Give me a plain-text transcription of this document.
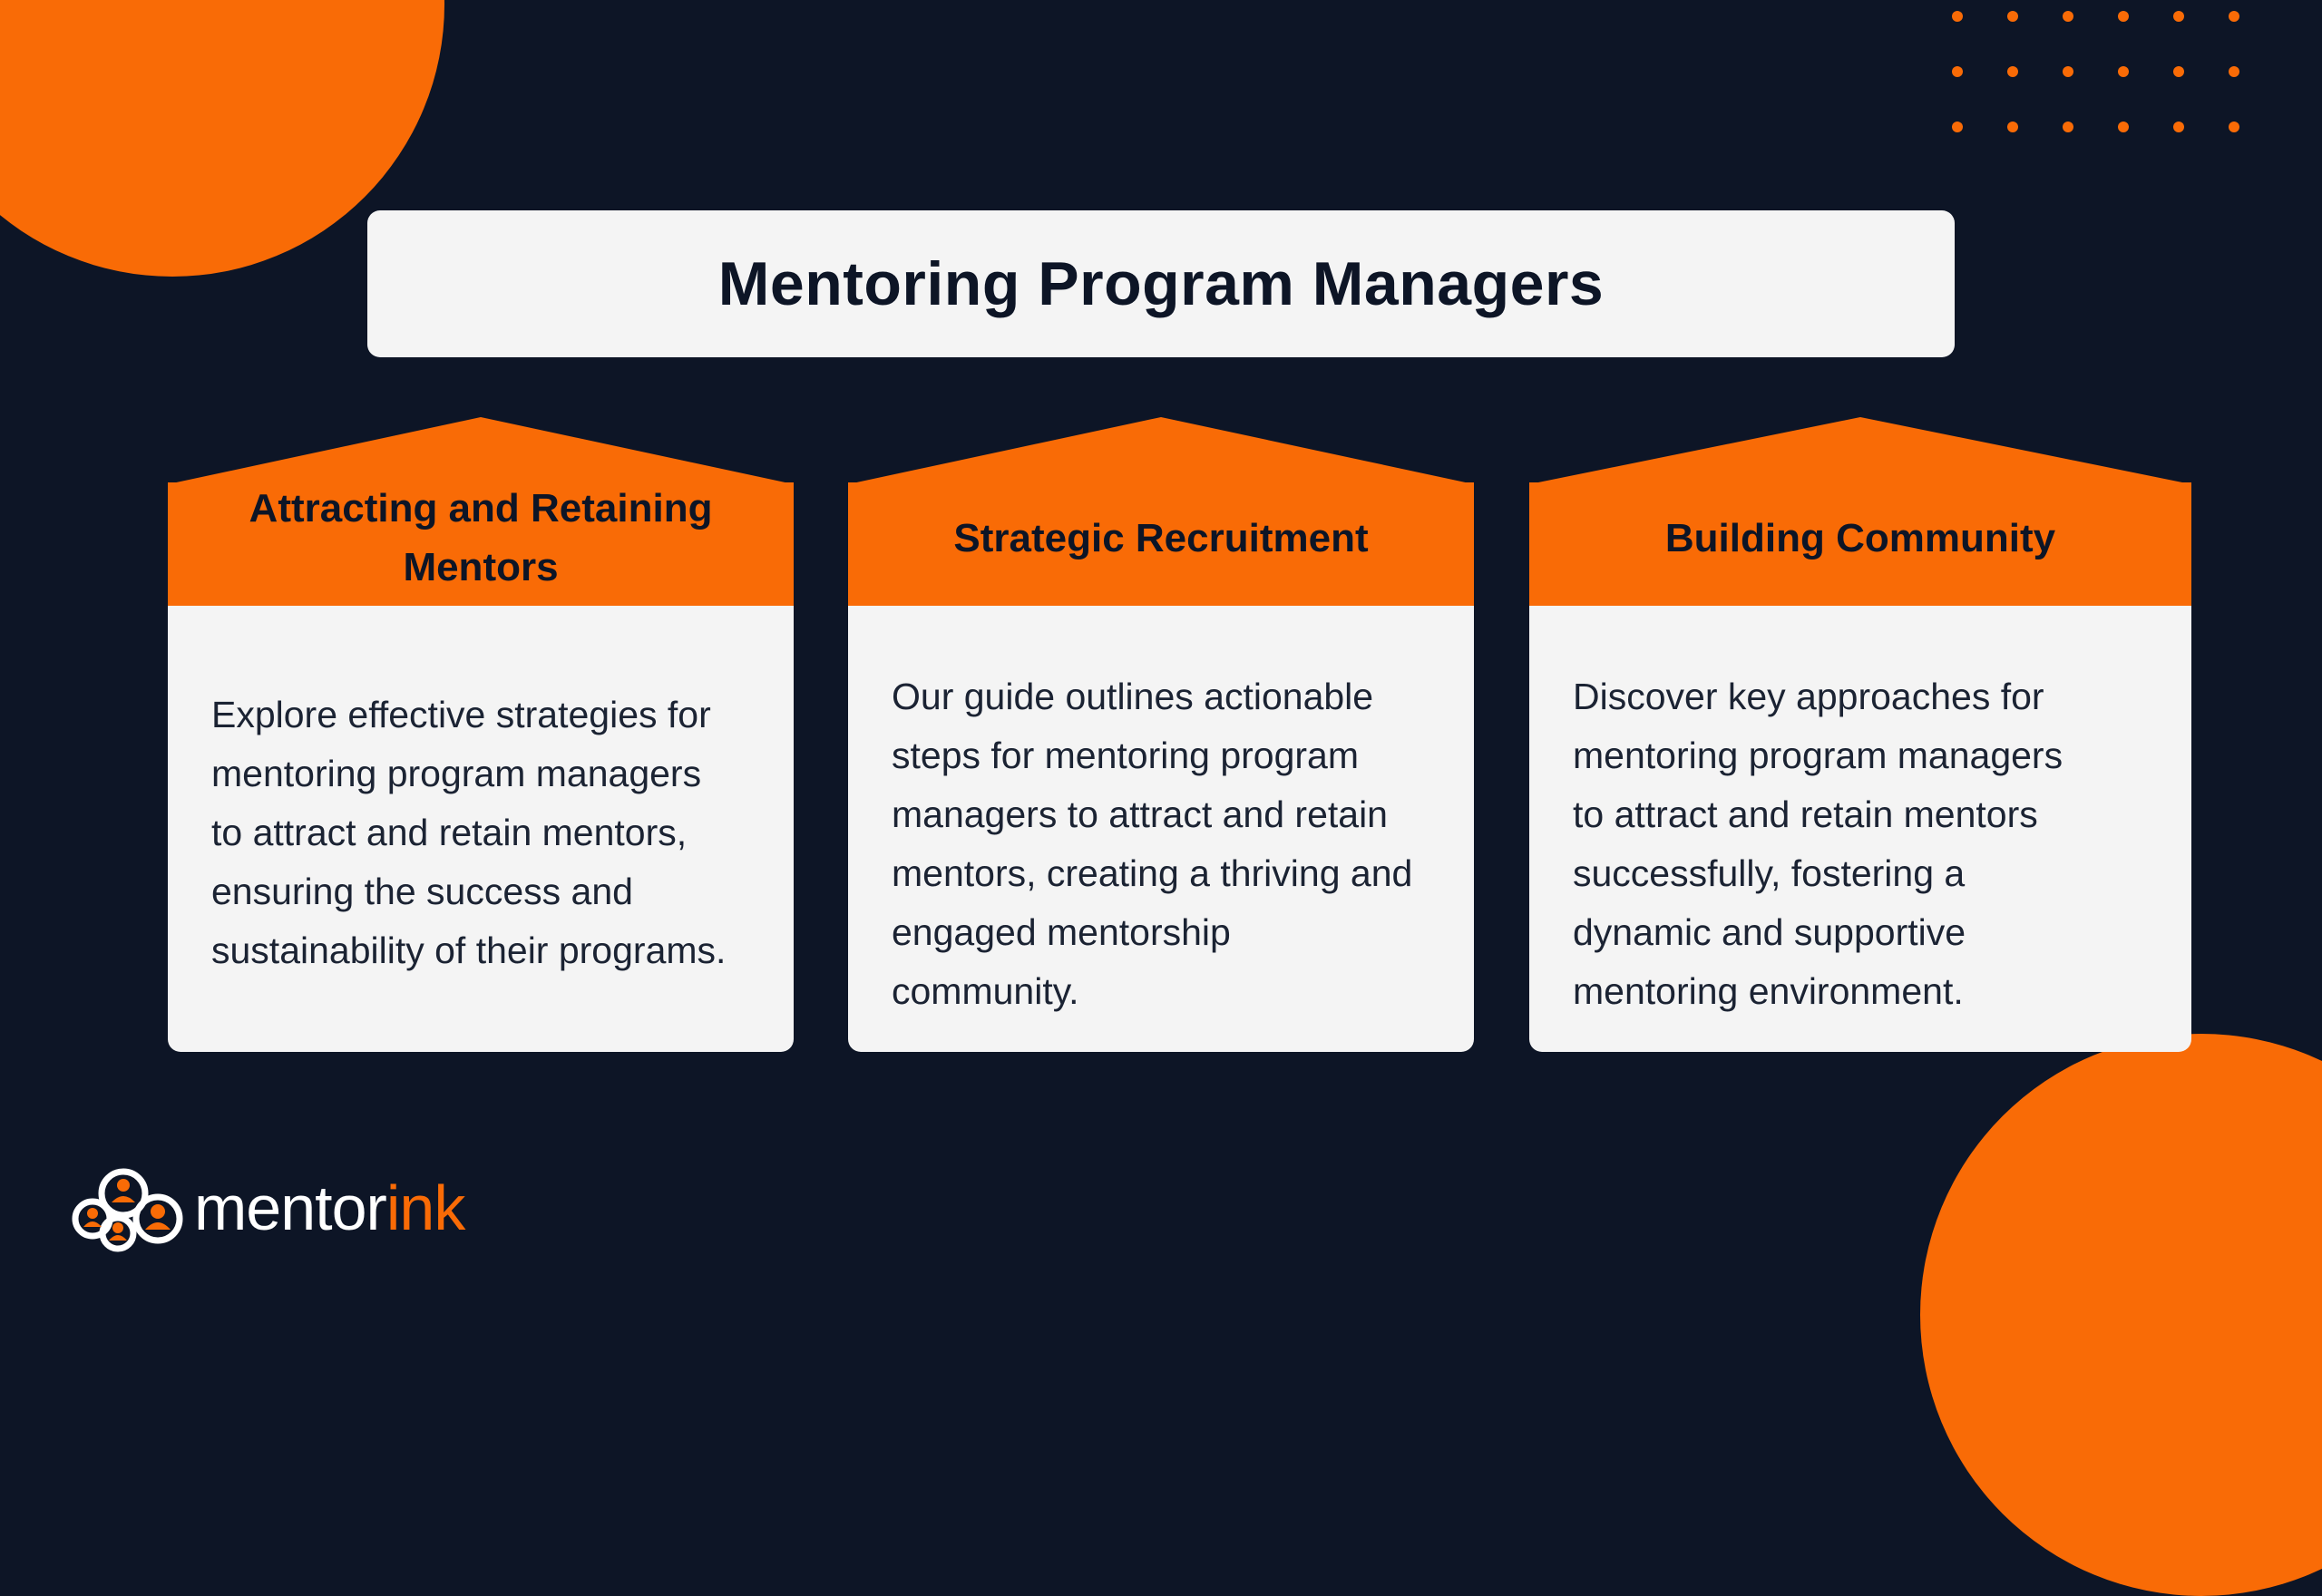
Mentoring Program Managers
Explore effective strategies for
mentoring program managers
to attract and retain mentors,
ensuring the success and
sustainability of their programs.
Attracting and Retaining
Mentors
Our guide outlines actionable
steps for mentoring program
managers to attract and retain
mentors, creating a thriving and
engaged mentorship
community.
Strategic Recruitment
Discover key approaches for
mentoring program managers
to attract and retain mentors
successfully, fostering a
dynamic and supportive
mentoring environment.
Building Community
mentorink
